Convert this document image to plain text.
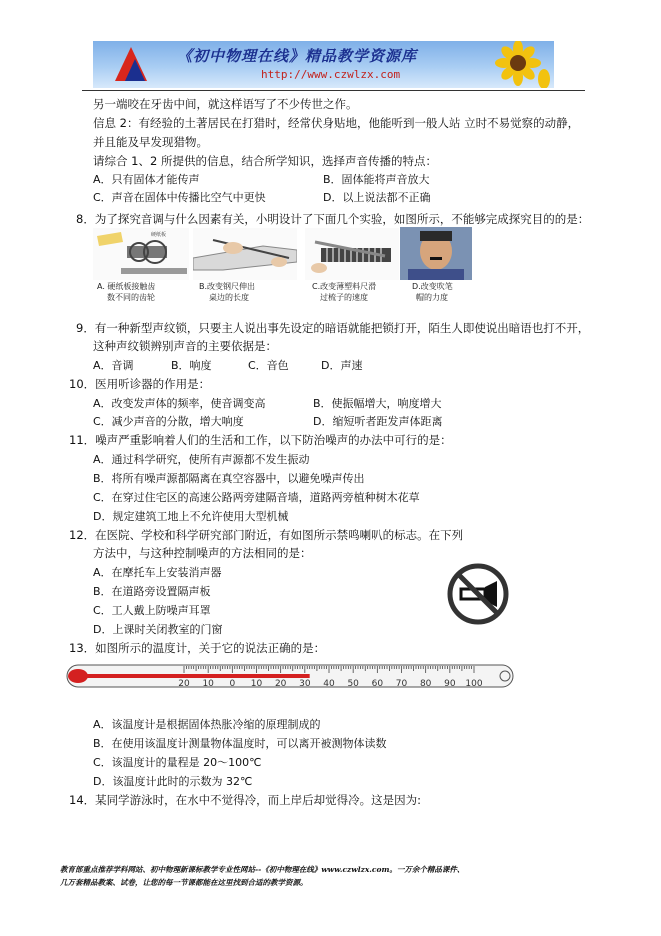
《初中物理在线》精品教学资源库
http://www.czwlzx.com
另一端咬在牙齿中间，就这样语写了不少传世之作。
信息 2：有经验的土著居民在打猎时，经常伏身贴地，他能听到一般人站 立时不易觉察的动静，
并且能及早发现猎物。
请综合 1、2 所提供的信息，结合所学知识，选择声音传播的特点：
A．只有固体才能传声	B．固体能将声音放大
C．声音在固体中传播比空气中更快	D．以上说法都不正确
8．为了探究音调与什么因素有关，小明设计了下面几个实验，如图所示，不能够完成探究目的的是：
硬纸板
A. 硬纸板接触齿
数不同的齿轮
B.改变钢尺伸出
桌边的长度
C.改变薄塑料尺滑
过梳子的速度
D.改变吹笔
帽的力度
9．有一种新型声纹锁，只要主人说出事先设定的暗语就能把锁打开，陌生人即使说出暗语也打不开，
这种声纹锁辨别声音的主要依据是：
A．音调	B．响度	C．音色	D．声速
10．医用听诊器的作用是：
A．改变发声体的频率，使音调变高	B．使振幅增大，响度增大
C．减少声音的分散，增大响度	D．缩短听者距发声体距离
11．噪声严重影响着人们的生活和工作，以下防治噪声的办法中可行的是：
A．通过科学研究，使所有声源都不发生振动
B．将所有噪声源都隔离在真空容器中，以避免噪声传出
C．在穿过住宅区的高速公路两旁建隔音墙，道路两旁植种树木花草
D．规定建筑工地上不允许使用大型机械
12．在医院、学校和科学研究部门附近，有如图所示禁鸣喇叭的标志。在下列
方法中，与这种控制噪声的方法相同的是：
A．在摩托车上安装消声器
B．在道路旁设置隔声板
C．工人戴上防噪声耳罩
D．上课时关闭教室的门窗
13．如图所示的温度计，关于它的说法正确的是：
20 10 0 10 20 30 40 50 60 70 80 90 100
A．该温度计是根据固体热胀冷缩的原理制成的
B．在使用该温度计测量物体温度时，可以离开被测物体读数
C．该温度计的量程是 20～100℃
D．该温度计此时的示数为 32℃
14．某同学游泳时，在水中不觉得冷，而上岸后却觉得冷。这是因为:
教育部重点推荐学科网站、初中物理新课标教学专业性网站--《初中物理在线》www.czwlzx.com。一万余个精品课件、
几万套精品教案、试卷，让您的每一节课都能在这里找到合适的教学资源。
